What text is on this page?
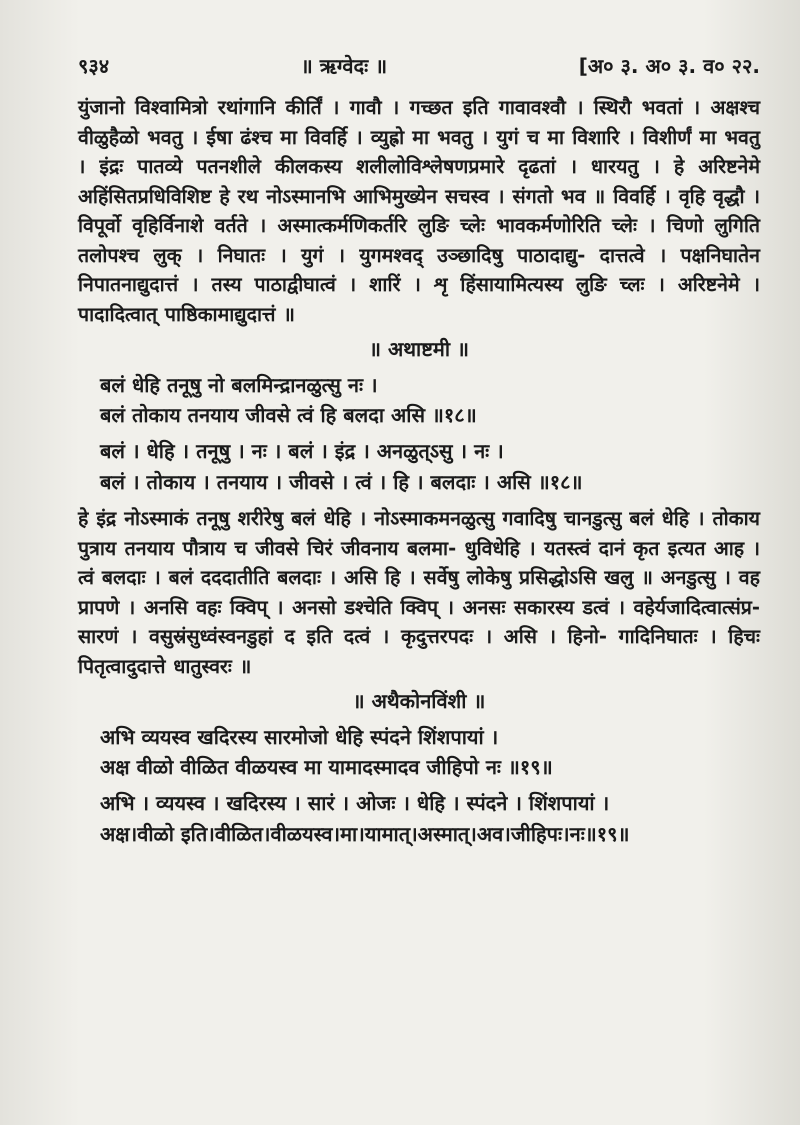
९३४	॥ ऋग्वेदः ॥	[अ० ३. अ० ३. व० २२.

युंजानो विश्वामित्रो रथांगानि कीर्तिं । गावौ । गच्छत इति गावावश्वौ । स्थिरौ भवतां । अक्षश्च वीळुहैळो भवतु । ईषा ढंश्च मा विवर्हि । व्युह्रो मा भवतु । युगं च मा विशारि । विशीर्णं मा भवतु । इंद्रः पातव्ये पतनशीले कीलकस्य शलीलोविश्लेषणप्रमारे दृढतां । धारयतु । हे अरिष्टनेमे अहिंसितप्रधिविशिष्ट हे रथ नोऽस्मानभि आभिमुख्येन सचस्व । संगतो भव ॥ विवर्हि । वृहि वृद्धौ । विपूर्वो वृहिर्विनाशे वर्तते । अस्मात्कर्मणिकर्तरि लुङि च्लेः भावकर्मणोरिति च्लेः । चिणो लुगिति तलोपश्च लुक् । निघातः । युगं । युगमश्वद् उञ्छादिषु पाठादाद्यु- दात्तत्वे । पक्षनिघातेन निपातनाद्युदात्तं । तस्य पाठाद्वीघात्वं । शारिं । शृ हिंसायामित्यस्य लुङि च्लः । अरिष्टनेमे । पादादित्वात् पाष्ठिकामाद्युदात्तं ॥

॥ अथाष्टमी ॥
बलं धेहि तनूषु नो बलमिन्द्रानळुत्सु नः ।
बलं तोकाय तनयाय जीवसे त्वं हि बलदा असि ॥१८॥
बलं । धेहि । तनूषु । नः । बलं । इंद्र । अनळुत्ऽसु । नः ।
बलं । तोकाय । तनयाय । जीवसे । त्वं । हि । बलदाः । असि ॥१८॥

हे इंद्र नोऽस्माकं तनूषु शरीरेषु बलं धेहि । नोऽस्माकमनळुत्सु गवादिषु चानडुत्सु बलं धेहि । तोकाय पुत्राय तनयाय पौत्राय च जीवसे चिरं जीवनाय बलमा- धुविधेहि । यतस्त्वं दानं कृत इत्यत आह । त्वं बलदाः । बलं दददातीति बलदाः । असि हि । सर्वेषु लोकेषु प्रसिद्धोऽसि खलु ॥ अनडुत्सु । वह प्रापणे । अनसि वहः क्विप् । अनसो डश्चेति क्विप् । अनसः सकारस्य डत्वं । वहेर्यजादित्वात्संप्र- सारणं । वसुस्रंसुध्वंस्वनडुहां द इति दत्वं । कृदुत्तरपदः । असि । हिनो- गादिनिघातः । हिचः पितृत्वादुदात्ते धातुस्वरः ॥

॥ अथैकोनविंशी ॥
अभि व्ययस्व खदिरस्य सारमोजो धेहि स्पंदने शिंशपायां ।
अक्ष वीळो वीळित वीळयस्व मा यामादस्मादव जीहिपो नः ॥१९॥
अभि । व्ययस्व । खदिरस्य । सारं । ओजः । धेहि । स्पंदने । शिंशपायां ।
अक्ष।वीळो इति।वीळित।वीळयस्व।मा।यामात्।अस्मात्।अव।जीहिपः।नः॥१९॥
